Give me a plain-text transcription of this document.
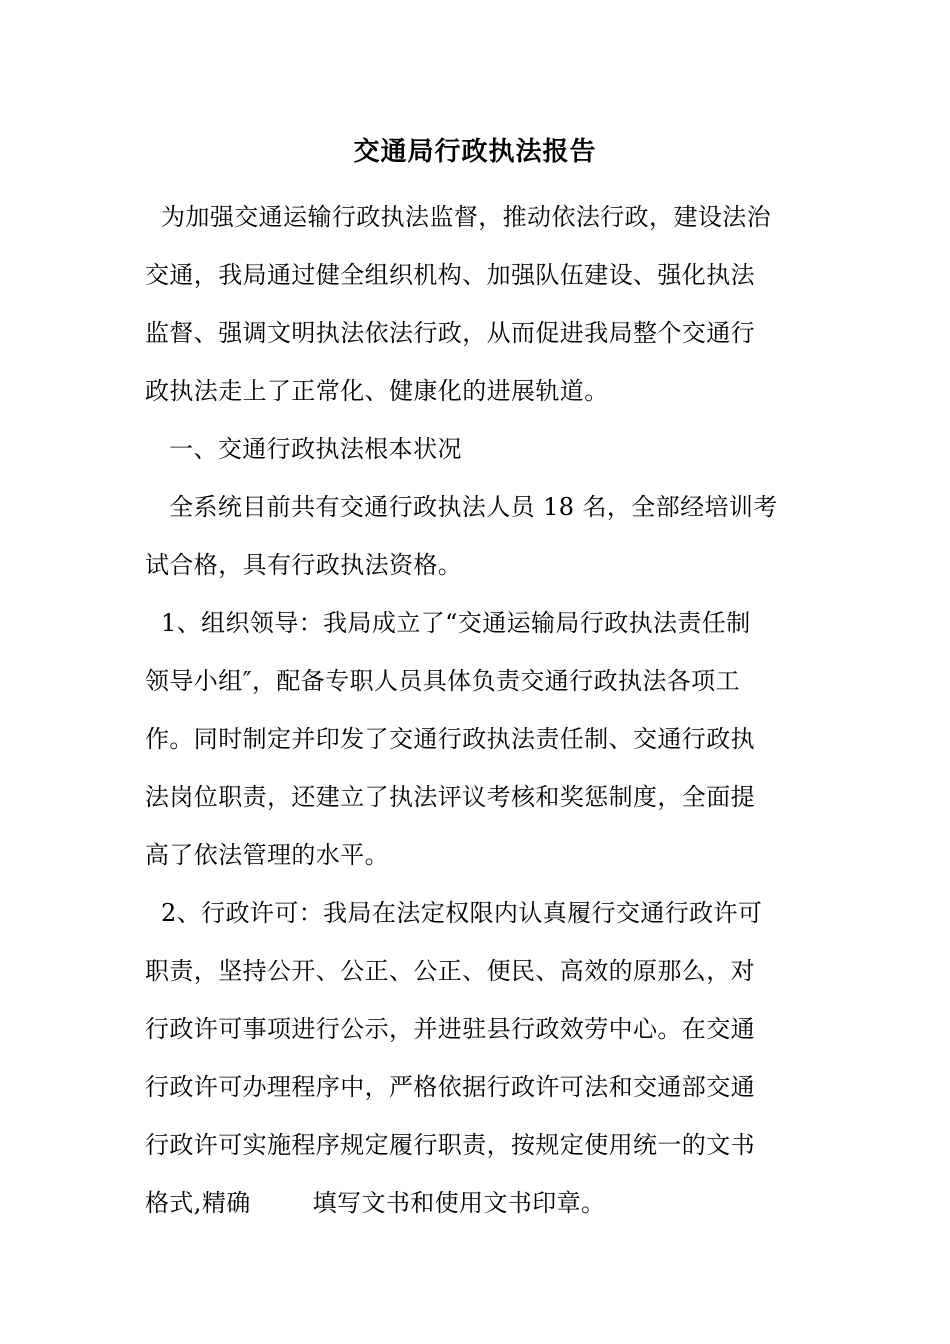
交通局行政执法报告
为加强交通运输行政执法监督，推动依法行政，建设法治
交通，我局通过健全组织机构、加强队伍建设、强化执法
监督、强调文明执法依法行政，从而促进我局整个交通行
政执法走上了正常化、健康化的进展轨道。
一、交通行政执法根本状况
全系统目前共有交通行政执法人员 18 名，全部经培训考
试合格，具有行政执法资格。
1、组织领导：我局成立了“交通运输局行政执法责任制
领导小组″，配备专职人员具体负责交通行政执法各项工
作。同时制定并印发了交通行政执法责任制、交通行政执
法岗位职责，还建立了执法评议考核和奖惩制度，全面提
高了依法管理的水平。
2、行政许可：我局在法定权限内认真履行交通行政许可
职责，坚持公开、公正、公正、便民、高效的原那么，对
行政许可事项进行公示，并进驻县行政效劳中心。在交通
行政许可办理程序中，严格依据行政许可法和交通部交通
行政许可实施程序规定履行职责，按规定使用统一的文书
格式,精确	填写文书和使用文书印章。
